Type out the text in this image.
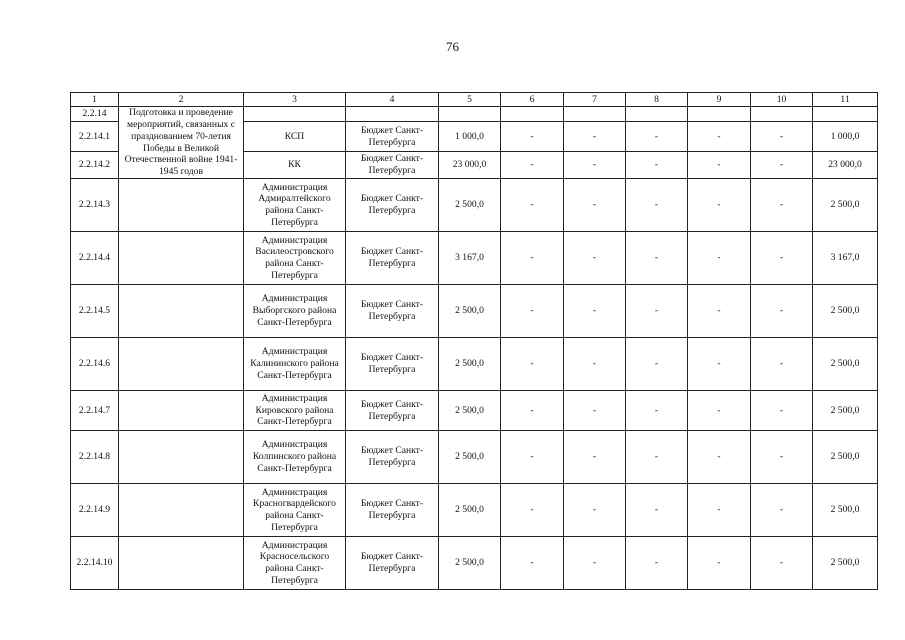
76
1	2	3	4	5	6	7	8	9	10	11
2.2.14	Подготовка и проведение мероприятий, связанных с празднованием 70-летия Победы в Великой Отечественной войне 1941-1945 годов									
2.2.14.1		КСП	Бюджет Санкт-Петербурга	1 000,0	-	-	-	-	-	1 000,0
2.2.14.2		КК	Бюджет Санкт-Петербурга	23 000,0	-	-	-	-	-	23 000,0
2.2.14.3		Администрация Адмиралтейского района Санкт-Петербурга	Бюджет Санкт-Петербурга	2 500,0	-	-	-	-	-	2 500,0
2.2.14.4		Администрация Василеостровского района Санкт-Петербурга	Бюджет Санкт-Петербурга	3 167,0	-	-	-	-	-	3 167,0
2.2.14.5		Администрация Выборгского района Санкт-Петербурга	Бюджет Санкт-Петербурга	2 500,0	-	-	-	-	-	2 500,0
2.2.14.6		Администрация Калининского района Санкт-Петербурга	Бюджет Санкт-Петербурга	2 500,0	-	-	-	-	-	2 500,0
2.2.14.7		Администрация Кировского района Санкт-Петербурга	Бюджет Санкт-Петербурга	2 500,0	-	-	-	-	-	2 500,0
2.2.14.8		Администрация Колпинского района Санкт-Петербурга	Бюджет Санкт-Петербурга	2 500,0	-	-	-	-	-	2 500,0
2.2.14.9		Администрация Красногвардейского района Санкт-Петербурга	Бюджет Санкт-Петербурга	2 500,0	-	-	-	-	-	2 500,0
2.2.14.10		Администрация Красносельского района Санкт-Петербурга	Бюджет Санкт-Петербурга	2 500,0	-	-	-	-	-	2 500,0
